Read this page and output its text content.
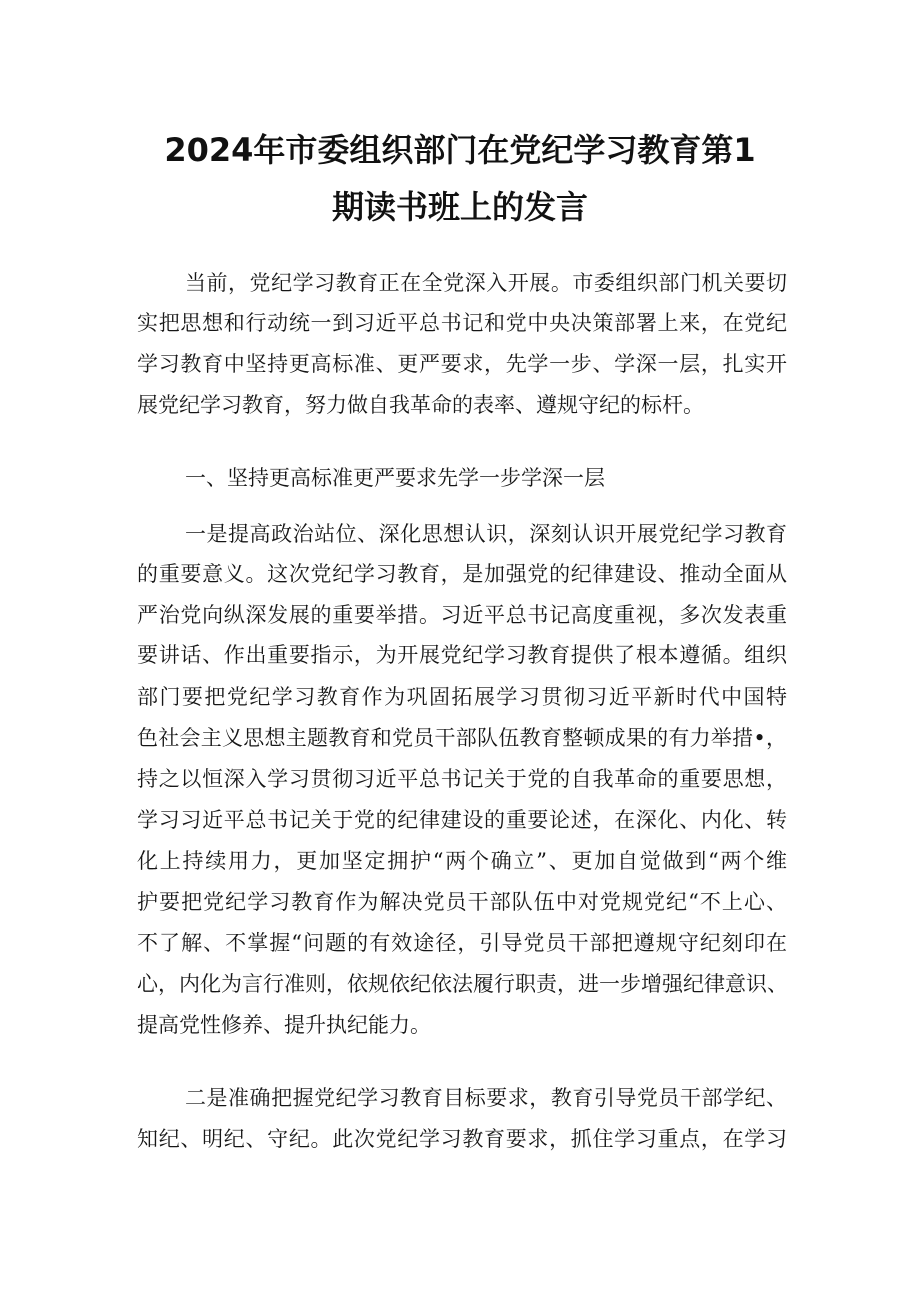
2024年市委组织部门在党纪学习教育第1
期读书班上的发言
当前，党纪学习教育正在全党深入开展。市委组织部门机关要切
实把思想和行动统一到习近平总书记和党中央决策部署上来，在党纪
学习教育中坚持更高标准、更严要求，先学一步、学深一层，扎实开
展党纪学习教育，努力做自我革命的表率、遵规守纪的标杆。
一、坚持更高标准更严要求先学一步学深一层
一是提高政治站位、深化思想认识，深刻认识开展党纪学习教育
的重要意义。这次党纪学习教育，是加强党的纪律建设、推动全面从
严治党向纵深发展的重要举措。习近平总书记高度重视，多次发表重
要讲话、作出重要指示，为开展党纪学习教育提供了根本遵循。组织
部门要把党纪学习教育作为巩固拓展学习贯彻习近平新时代中国特
色社会主义思想主题教育和党员干部队伍教育整顿成果的有力举措•，
持之以恒深入学习贯彻习近平总书记关于党的自我革命的重要思想，
学习习近平总书记关于党的纪律建设的重要论述，在深化、内化、转
化上持续用力，更加坚定拥护“两个确立”、更加自觉做到“两个维
护要把党纪学习教育作为解决党员干部队伍中对党规党纪“不上心、
不了解、不掌握“问题的有效途径，引导党员干部把遵规守纪刻印在
心，内化为言行准则，依规依纪依法履行职责，进一步增强纪律意识、
提高党性修养、提升执纪能力。
二是准确把握党纪学习教育目标要求，教育引导党员干部学纪、
知纪、明纪、守纪。此次党纪学习教育要求，抓住学习重点，在学习
